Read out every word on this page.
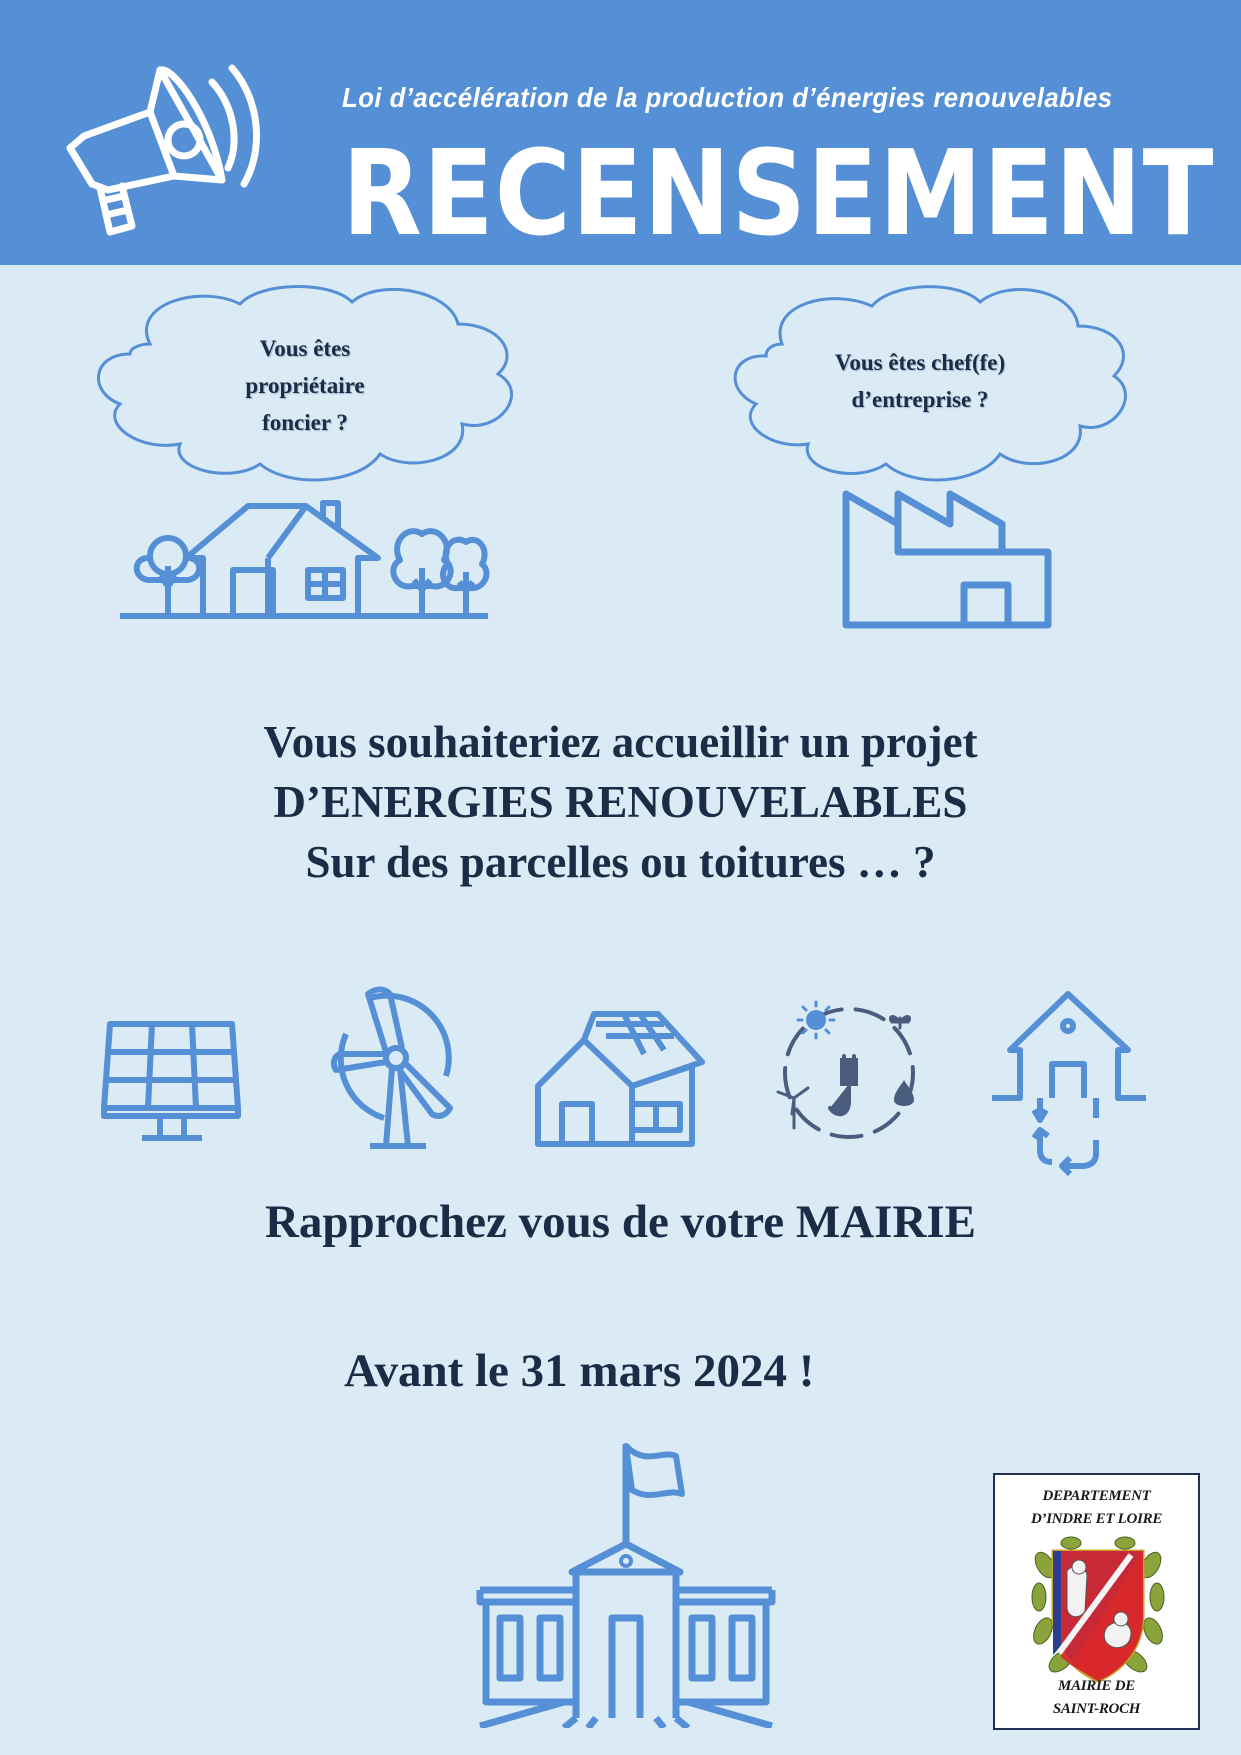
Loi d’accélération de la production d’énergies renouvelables
RECENSEMENT
Vous êtes
propriétaire
foncier ?
Vous êtes chef(fe)
d’entreprise ?
Vous souhaiteriez accueillir un projet
D’ENERGIES RENOUVELABLES
Sur des parcelles ou toitures … ?
Rapprochez vous de votre MAIRIE
Avant le 31 mars 2024 !
DEPARTEMENT
D’INDRE ET LOIRE
MAIRIE DE
SAINT-ROCH
